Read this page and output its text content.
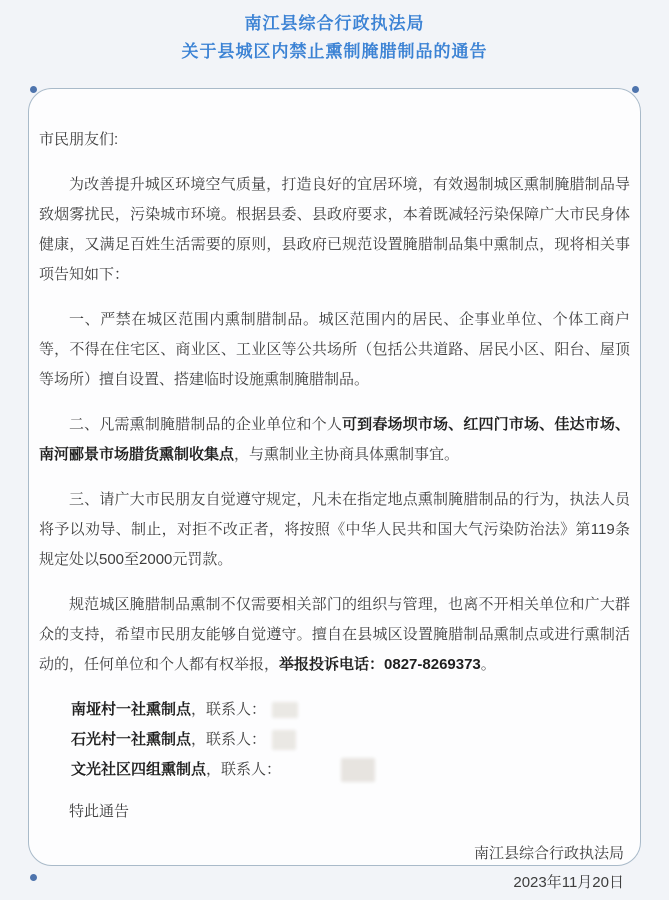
南江县综合行政执法局
关于县城区内禁止熏制腌腊制品的通告
市民朋友们:

为改善提升城区环境空气质量，打造良好的宜居环境，有效遏制城区熏制腌腊制品导致烟雾扰民，污染城市环境。根据县委、县政府要求，本着既减轻污染保障广大市民身体健康，又满足百姓生活需要的原则，县政府已规范设置腌腊制品集中熏制点，现将相关事项告知如下：

一、严禁在城区范围内熏制腊制品。城区范围内的居民、企事业单位、个体工商户等，不得在住宅区、商业区、工业区等公共场所（包括公共道路、居民小区、阳台、屋顶等场所）擅自设置、搭建临时设施熏制腌腊制品。

二、凡需熏制腌腊制品的企业单位和个人可到春场坝市场、红四门市场、佳达市场、南河郦景市场腊货熏制收集点，与熏制业主协商具体熏制事宜。

三、请广大市民朋友自觉遵守规定，凡未在指定地点熏制腌腊制品的行为，执法人员将予以劝导、制止，对拒不改正者，将按照《中华人民共和国大气污染防治法》第119条规定处以500至2000元罚款。

规范城区腌腊制品熏制不仅需要相关部门的组织与管理，也离不开相关单位和广大群众的支持，希望市民朋友能够自觉遵守。擅自在县城区设置腌腊制品熏制点或进行熏制活动的，任何单位和个人都有权举报，举报投诉电话：0827-8269373。

南垭村一社熏制点，联系人：
石光村一社熏制点，联系人：
文光社区四组熏制点，联系人：
特此通告
南江县综合行政执法局
2023年11月20日
